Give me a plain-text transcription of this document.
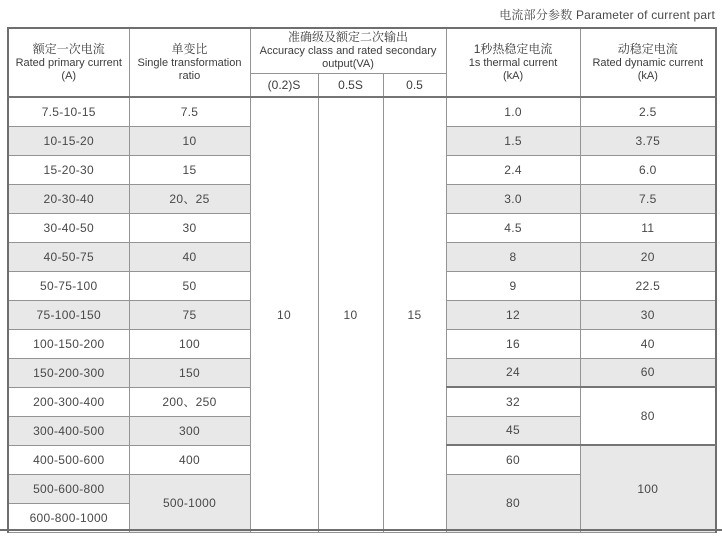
电流部分参数 Parameter of current part
额定一次电流
Rated primary current
(A)	单变比
Single transformation ratio	准确级及额定二次输出
Accuracy class and rated secondary output(VA)			1秒热稳定电流
1s thermal current
(kA)	动稳定电流
Rated dynamic current
(kA)

		(0.2)S	0.5S	0.5		
7.5-10-15	7.5	10	10	15	1.0	2.5
10-15-20	10				1.5	3.75
15-20-30	15				2.4	6.0
20-30-40	20、25				3.0	7.5
30-40-50	30				4.5	11
40-50-75	40				8	20
50-75-100	50				9	22.5
75-100-150	75				12	30
100-150-200	100				16	40
150-200-300	150				24	60
200-300-400	200、250				32	80
300-400-500	300				45	
400-500-600	400				60	100
500-600-800	500-1000				80	
600-800-1000						
